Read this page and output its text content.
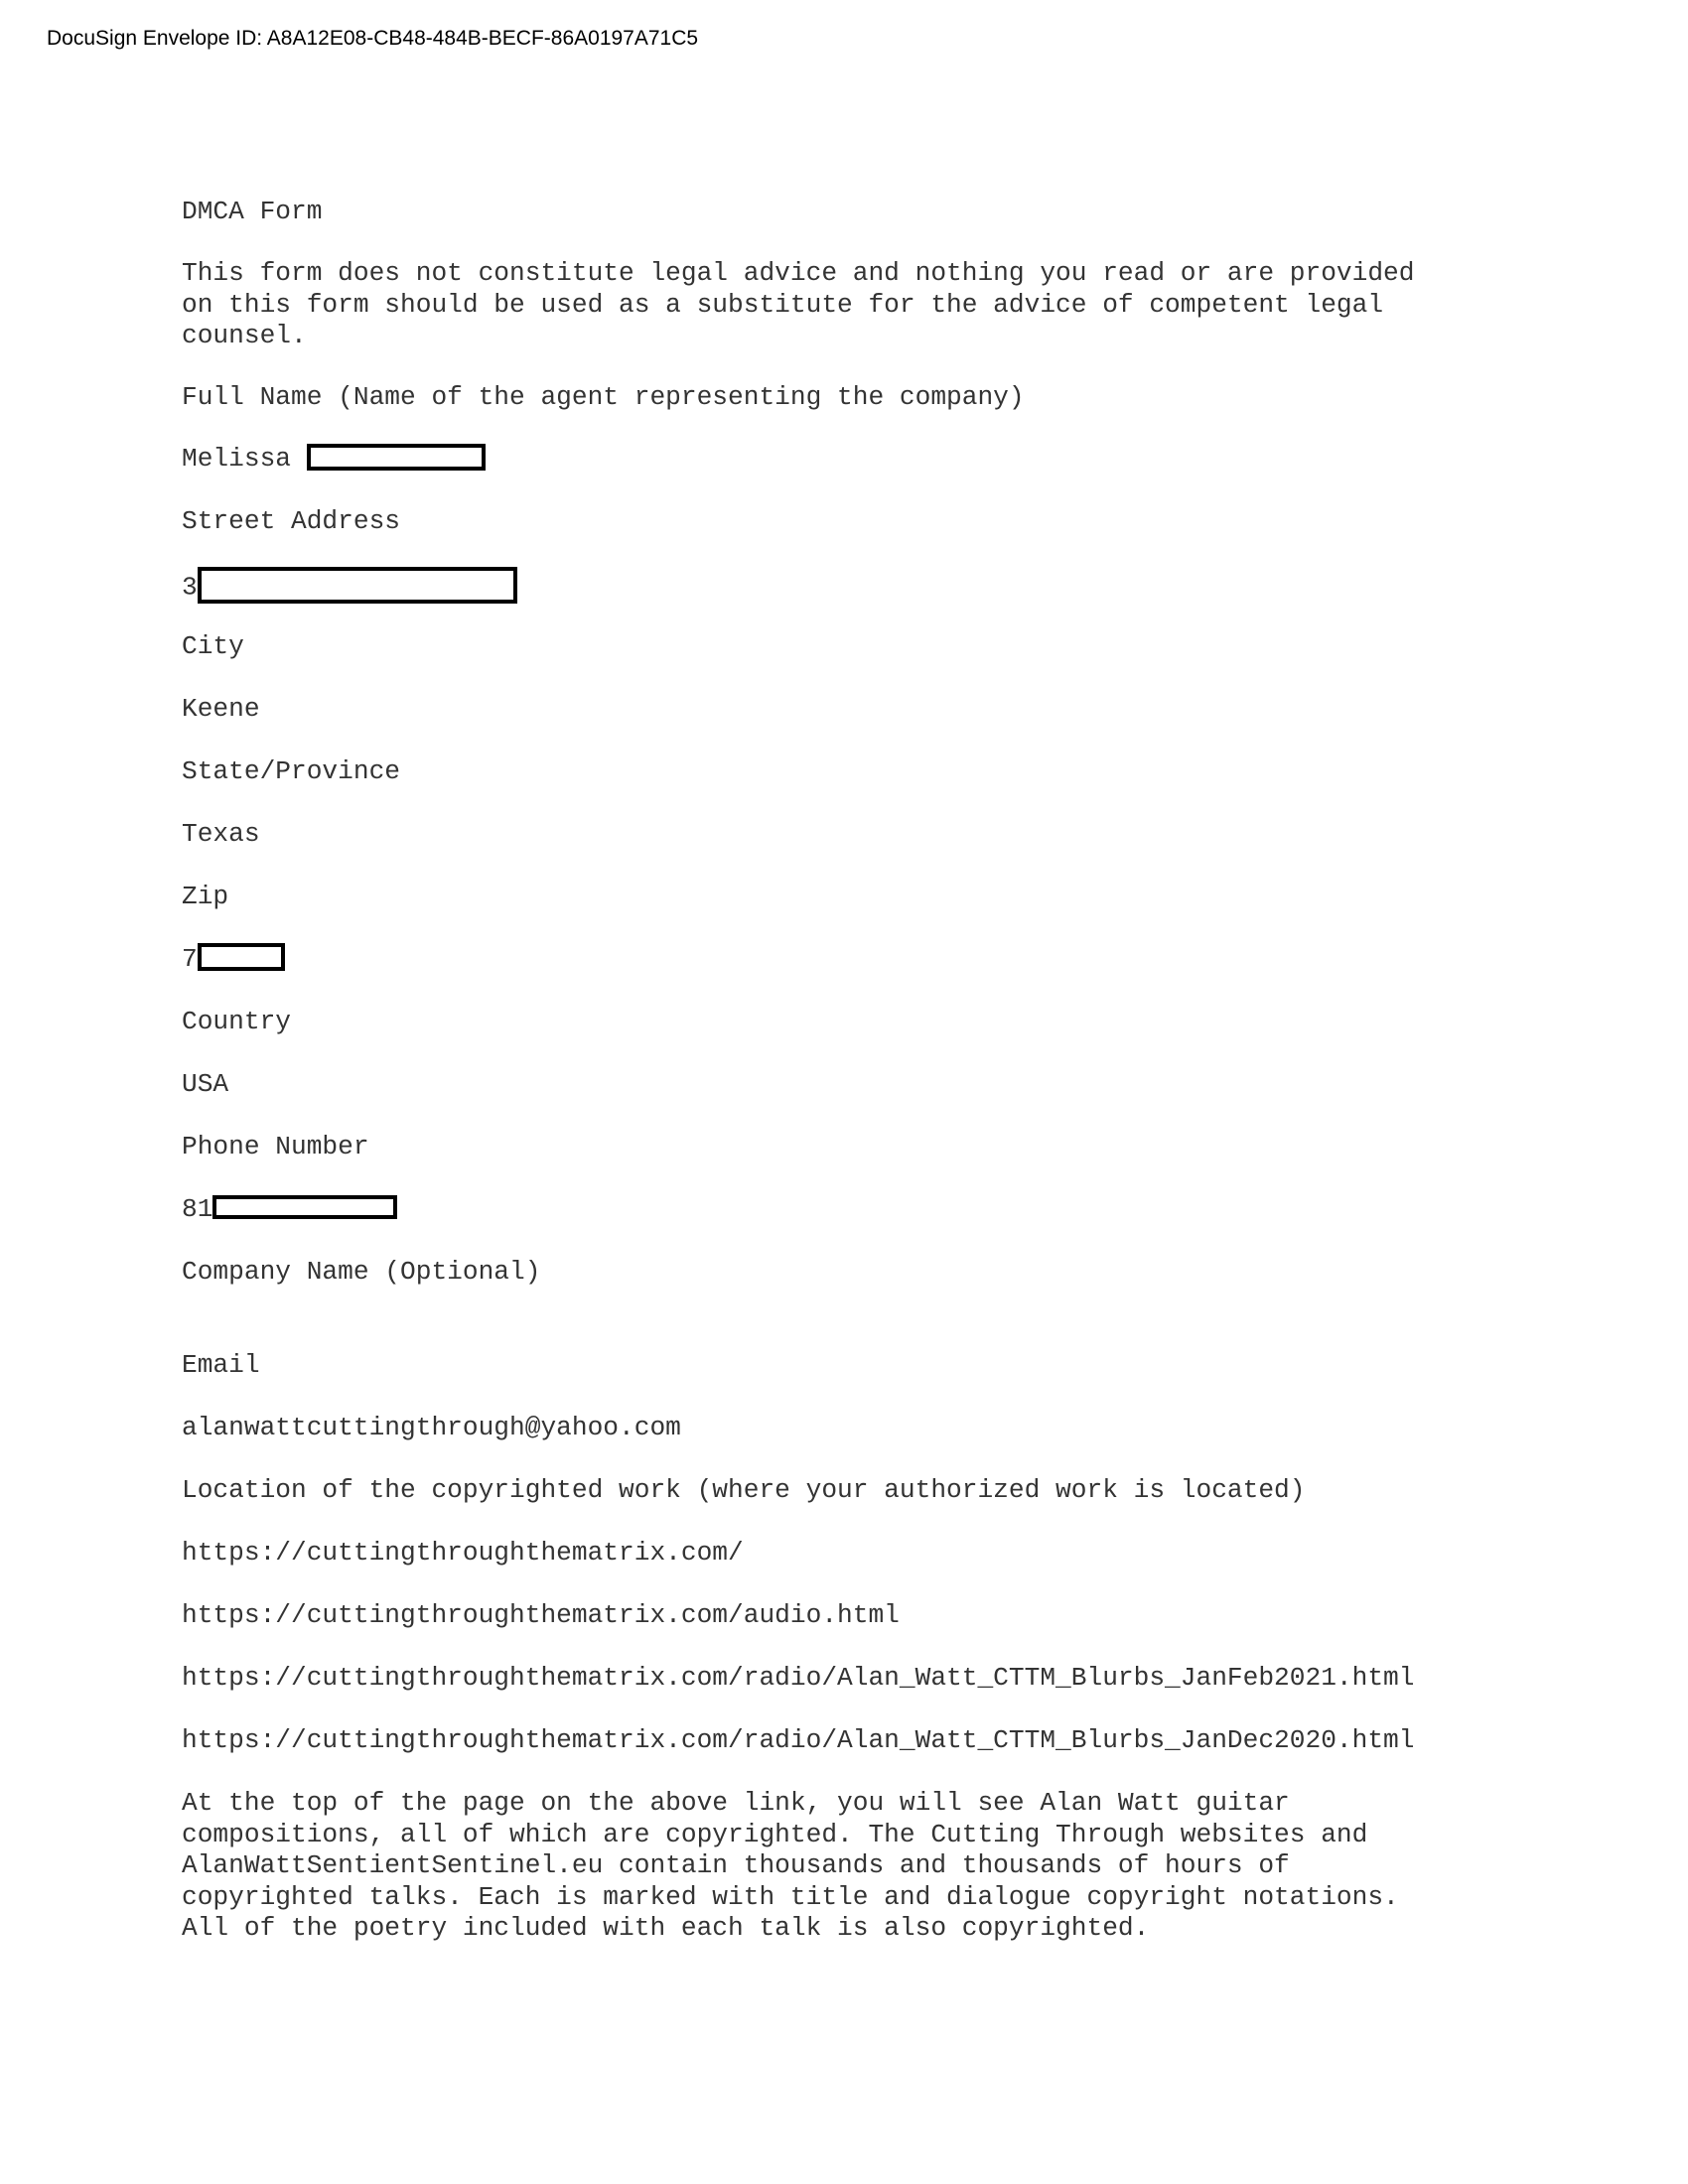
DocuSign Envelope ID: A8A12E08-CB48-484B-BECF-86A0197A71C5
DMCA Form
This form does not constitute legal advice and nothing you read or are provided
on this form should be used as a substitute for the advice of competent legal
counsel.
Full Name (Name of the agent representing the company)
Melissa
Street Address
3
City
Keene
State/Province
Texas
Zip
7
Country
USA
Phone Number
81
Company Name (Optional)
Email
alanwattcuttingthrough@yahoo.com
Location of the copyrighted work (where your authorized work is located)
https://cuttingthroughthematrix.com/
https://cuttingthroughthematrix.com/audio.html
https://cuttingthroughthematrix.com/radio/Alan_Watt_CTTM_Blurbs_JanFeb2021.html
https://cuttingthroughthematrix.com/radio/Alan_Watt_CTTM_Blurbs_JanDec2020.html
At the top of the page on the above link, you will see Alan Watt guitar
compositions, all of which are copyrighted. The Cutting Through websites and
AlanWattSentientSentinel.eu contain thousands and thousands of hours of
copyrighted talks. Each is marked with title and dialogue copyright notations.
All of the poetry included with each talk is also copyrighted.
